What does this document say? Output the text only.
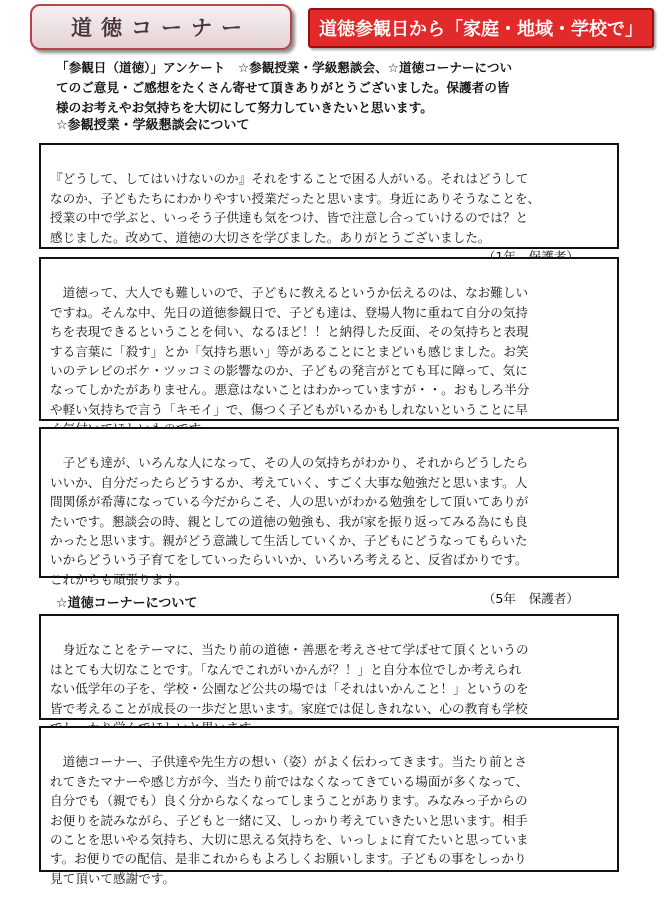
道徳コーナー	道徳参観日から「家庭・地域・学校で」
「参観日（道徳）」アンケート　☆参観授業・学級懇談会、☆道徳コーナーについ
てのご意見・ご感想をたくさん寄せて頂きありがとうございました。保護者の皆
様のお考えやお気持ちを大切にして努力していきたいと思います。
☆参観授業・学級懇談会について

『どうして、してはいけないのか』それをすることで困る人がいる。それはどうして
なのか、子どもたちにわかりやすい授業だったと思います。身近にありそうなことを、
授業の中で学ぶと、いっそう子供達も気をつけ、皆で注意し合っていけるのでは？と
感じました。改めて、道徳の大切さを学びました。ありがとうございました。

　道徳って、大人でも難しいので、子どもに教えるというか伝えるのは、なお難しい
ですね。そんな中、先日の道徳参観日で、子ども達は、登場人物に重ねて自分の気持
ちを表現できるということを伺い、なるほど！！と納得した反面、その気持ちと表現
する言葉に「殺す」とか「気持ち悪い」等があることにとまどいも感じました。お笑
いのテレビのボケ・ツッコミの影響なのか、子どもの発言がとても耳に障って、気に
なってしかたがありません。悪意はないことはわかっていますが・・。おもしろ半分
や軽い気持ちで言う「キモイ」で、傷つく子どもがいるかもしれないということに早

　子ども達が、いろんな人になって、その人の気持ちがわかり、それからどうしたら
いいか、自分だったらどうするか、考えていく、すごく大事な勉強だと思います。人
間関係が希薄になっている今だからこそ、人の思いがわかる勉強をして頂いてありが
たいです。懇談会の時、親としての道徳の勉強も、我が家を振り返ってみる為にも良
かったと思います。親がどう意識して生活していくか、子どもにどうなってもらいた
いからどういう子育てをしていったらいいか、いろいろ考えると、反省ばかりです。
これからも頑張ります。

（5年　保護者）

☆道徳コーナーについて

　身近なことをテーマに、当たり前の道徳・善悪を考えさせて学ばせて頂くというの
はとても大切なことです。「なんでこれがいかんが？！」と自分本位でしか考えられ
ない低学年の子を、学校・公園など公共の場では「それはいかんこと！」というのを
皆で考えることが成長の一歩だと思います。家庭では促しきれない、心の教育も学校

　道徳コーナー、子供達や先生方の想い（姿）がよく伝わってきます。当たり前とさ
れてきたマナーや感じ方が今、当たり前ではなくなってきている場面が多くなって、
自分でも（親でも）良く分からなくなってしまうことがあります。みなみっ子からの
お便りを読みながら、子どもと一緒に又、しっかり考えていきたいと思います。相手
のことを思いやる気持ち、大切に思える気持ちを、いっしょに育てたいと思っていま
す。お便りでの配信、是非これからもよろしくお願いします。子どもの事をしっかり
見て頂いて感謝です。
